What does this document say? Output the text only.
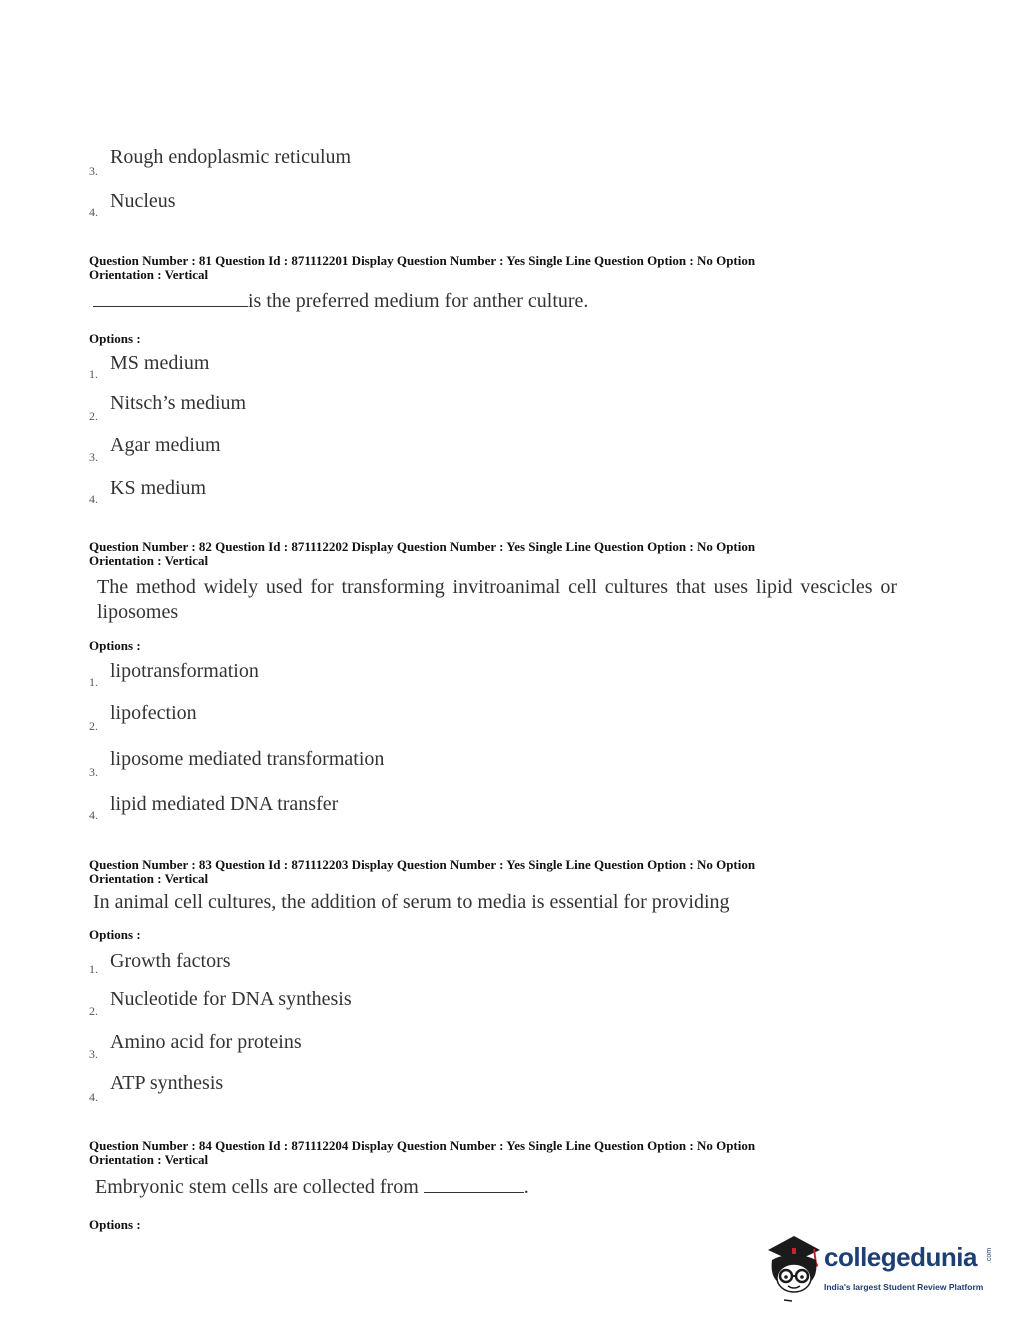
3.
Rough endoplasmic reticulum
4. Nucleus
Question Number : 81 Question Id : 871112201 Display Question Number : Yes Single Line Question Option : No Option
Orientation : Vertical
is the preferred medium for anther culture.
Options :
1. MS medium
2.
Nitsch’s medium
3.
Agar medium
4. KS medium
Question Number : 82 Question Id : 871112202 Display Question Number : Yes Single Line Question Option : No Option
Orientation : Vertical
The method widely used for transforming invitroanimal cell cultures that uses lipid vescicles or liposomes
Options :
1. lipotransformation
2.
lipofection
3.
liposome mediated transformation
4. lipid mediated DNA transfer
Question Number : 83 Question Id : 871112203 Display Question Number : Yes Single Line Question Option : No Option
Orientation : Vertical
In animal cell cultures, the addition of serum to media is essential for providing
Options :
1. Growth factors
2.
Nucleotide for DNA synthesis
3.
Amino acid for proteins
4.
ATP synthesis
Question Number : 84 Question Id : 871112204 Display Question Number : Yes Single Line Question Option : No Option
Orientation : Vertical
Embryonic stem cells are collected from	.
Options :
collegedunia .com
India's largest Student Review Platform
